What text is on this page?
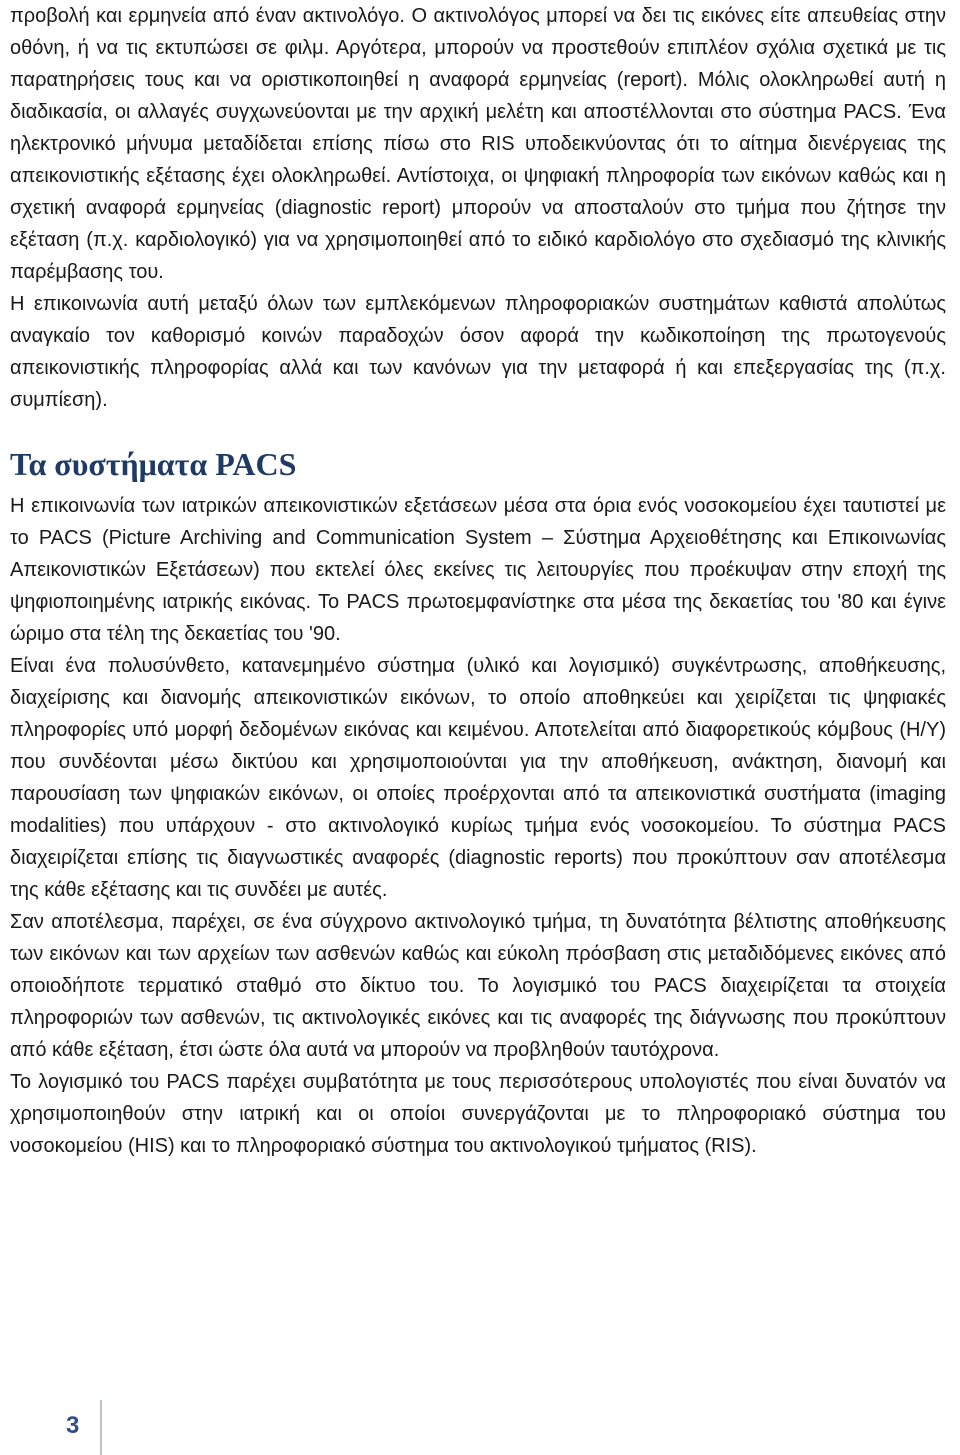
προβολή και ερμηνεία από έναν ακτινολόγο. Ο ακτινολόγος μπορεί να δει τις εικόνες είτε απευθείας στην οθόνη, ή να τις εκτυπώσει σε φιλμ. Αργότερα, μπορούν να προστεθούν επιπλέον σχόλια σχετικά με τις παρατηρήσεις τους και να οριστικοποιηθεί η αναφορά ερμηνείας (report). Μόλις ολοκληρωθεί αυτή η διαδικασία, οι αλλαγές συγχωνεύονται με την αρχική μελέτη και αποστέλλονται στο σύστημα PACS. Ένα ηλεκτρονικό μήνυμα μεταδίδεται επίσης πίσω στο RIS υποδεικνύοντας ότι το αίτημα διενέργειας της απεικονιστικής εξέτασης έχει ολοκληρωθεί. Αντίστοιχα, οι ψηφιακή πληροφορία των εικόνων καθώς και η σχετική αναφορά ερμηνείας (diagnostic report) μπορούν να αποσταλούν στο τμήμα που ζήτησε την εξέταση (π.χ. καρδιολογικό) για να χρησιμοποιηθεί από το ειδικό καρδιολόγο στο σχεδιασμό της κλινικής παρέμβασης του.

Η επικοινωνία αυτή μεταξύ όλων των εμπλεκόμενων πληροφοριακών συστημάτων καθιστά απολύτως αναγκαίο τον καθορισμό κοινών παραδοχών όσον αφορά την κωδικοποίηση της πρωτογενούς απεικονιστικής πληροφορίας αλλά και των κανόνων για την μεταφορά ή και επεξεργασίας της (π.χ. συμπίεση).

Τα συστήματα PACS

Η επικοινωνία των ιατρικών απεικονιστικών εξετάσεων μέσα στα όρια ενός νοσοκομείου έχει ταυτιστεί με το PACS (Picture Archiving and Communication System – Σύστημα Αρχειοθέτησης και Επικοινωνίας Απεικονιστικών Εξετάσεων) που εκτελεί όλες εκείνες τις λειτουργίες που προέκυψαν στην εποχή της ψηφιοποιημένης ιατρικής εικόνας. Το PACS πρωτοεμφανίστηκε στα μέσα της δεκαετίας του '80 και έγινε ώριμο στα τέλη της δεκαετίας του '90.

Είναι ένα πολυσύνθετο, κατανεμημένο σύστημα (υλικό και λογισμικό) συγκέντρωσης, αποθήκευσης, διαχείρισης και διανομής απεικονιστικών εικόνων, το οποίο αποθηκεύει και χειρίζεται τις ψηφιακές πληροφορίες υπό μορφή δεδομένων εικόνας και κειμένου. Αποτελείται από διαφορετικούς κόμβους (Η/Υ) που συνδέονται μέσω δικτύου και χρησιμοποιούνται για την αποθήκευση, ανάκτηση, διανομή και παρουσίαση των ψηφιακών εικόνων, οι οποίες προέρχονται από τα απεικονιστικά συστήματα (imaging modalities) που υπάρχουν - στο ακτινολογικό κυρίως τμήμα ενός νοσοκομείου. Το σύστημα PACS διαχειρίζεται επίσης τις διαγνωστικές αναφορές (diagnostic reports) που προκύπτουν σαν αποτέλεσμα της κάθε εξέτασης και τις συνδέει με αυτές.

Σαν αποτέλεσμα, παρέχει, σε ένα σύγχρονο ακτινολογικό τμήμα, τη δυνατότητα βέλτιστης αποθήκευσης των εικόνων και των αρχείων των ασθενών καθώς και εύκολη πρόσβαση στις μεταδιδόμενες εικόνες από οποιοδήποτε τερματικό σταθμό στο δίκτυο του. Το λογισμικό του PACS διαχειρίζεται τα στοιχεία πληροφοριών των ασθενών, τις ακτινολογικές εικόνες και τις αναφορές της διάγνωσης που προκύπτουν από κάθε εξέταση, έτσι ώστε όλα αυτά να μπορούν να προβληθούν ταυτόχρονα.

Το λογισμικό του PACS παρέχει συμβατότητα με τους περισσότερους υπολογιστές που είναι δυνατόν να χρησιμοποιηθούν στην ιατρική και οι οποίοι συνεργάζονται με το πληροφοριακό σύστημα του νοσοκομείου (HIS) και το πληροφοριακό σύστημα του ακτινολογικού τμήματος (RIS).

3
